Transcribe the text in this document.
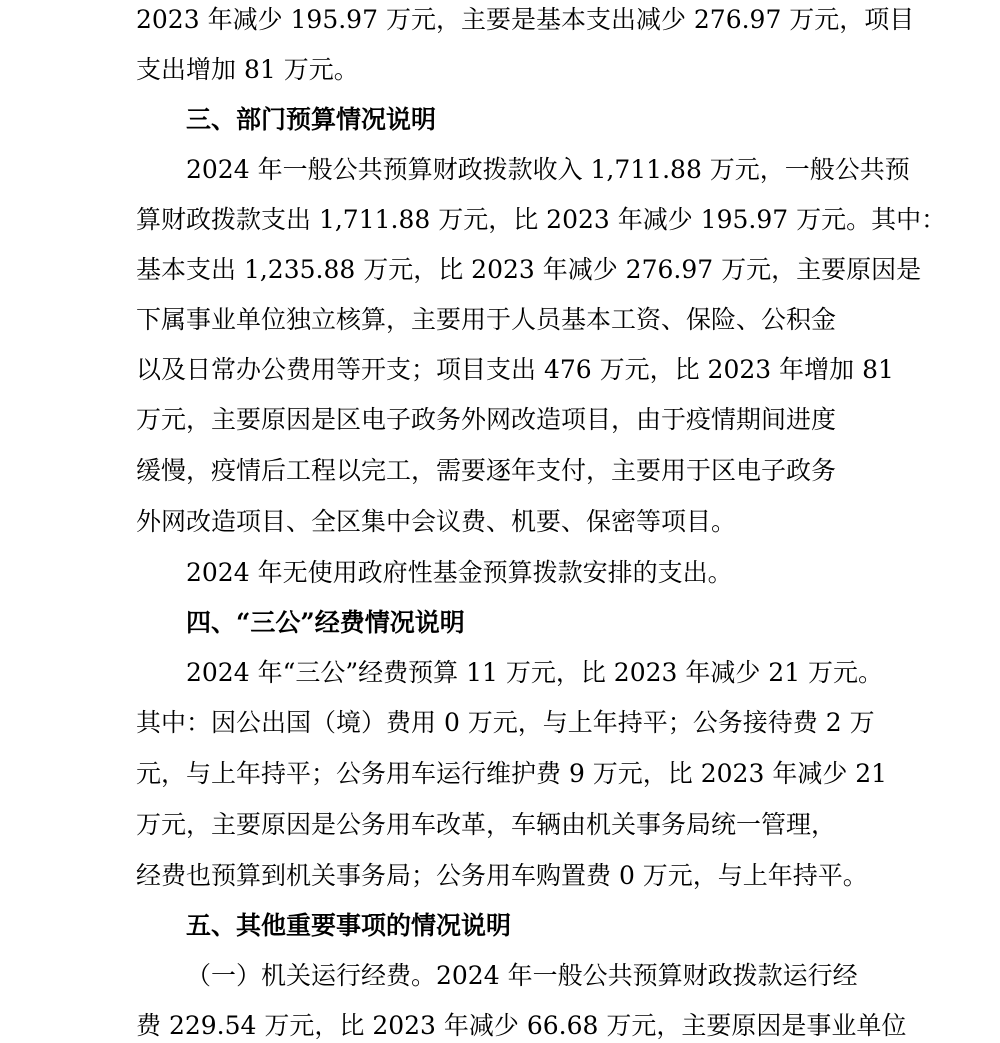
2023 年减少 195.97 万元，主要是基本支出减少 276.97 万元，项目
支出增加 81 万元。
三、部门预算情况说明
2024 年一般公共预算财政拨款收入 1,711.88 万元，一般公共预
算财政拨款支出 1,711.88 万元，比 2023 年减少 195.97 万元。其中：
基本支出 1,235.88 万元，比 2023 年减少 276.97 万元，主要原因是
下属事业单位独立核算，主要用于人员基本工资、保险、公积金
以及日常办公费用等开支；项目支出 476 万元，比 2023 年增加 81
万元，主要原因是区电子政务外网改造项目，由于疫情期间进度
缓慢，疫情后工程以完工，需要逐年支付，主要用于区电子政务
外网改造项目、全区集中会议费、机要、保密等项目。
2024 年无使用政府性基金预算拨款安排的支出。
四、“三公”经费情况说明
2024 年“三公”经费预算 11 万元，比 2023 年减少 21 万元。
其中：因公出国（境）费用 0 万元，与上年持平；公务接待费 2 万
元，与上年持平；公务用车运行维护费 9 万元，比 2023 年减少 21
万元，主要原因是公务用车改革，车辆由机关事务局统一管理，
经费也预算到机关事务局；公务用车购置费 0 万元，与上年持平。
五、其他重要事项的情况说明
（一）机关运行经费。2024 年一般公共预算财政拨款运行经
费 229.54 万元，比 2023 年减少 66.68 万元，主要原因是事业单位
